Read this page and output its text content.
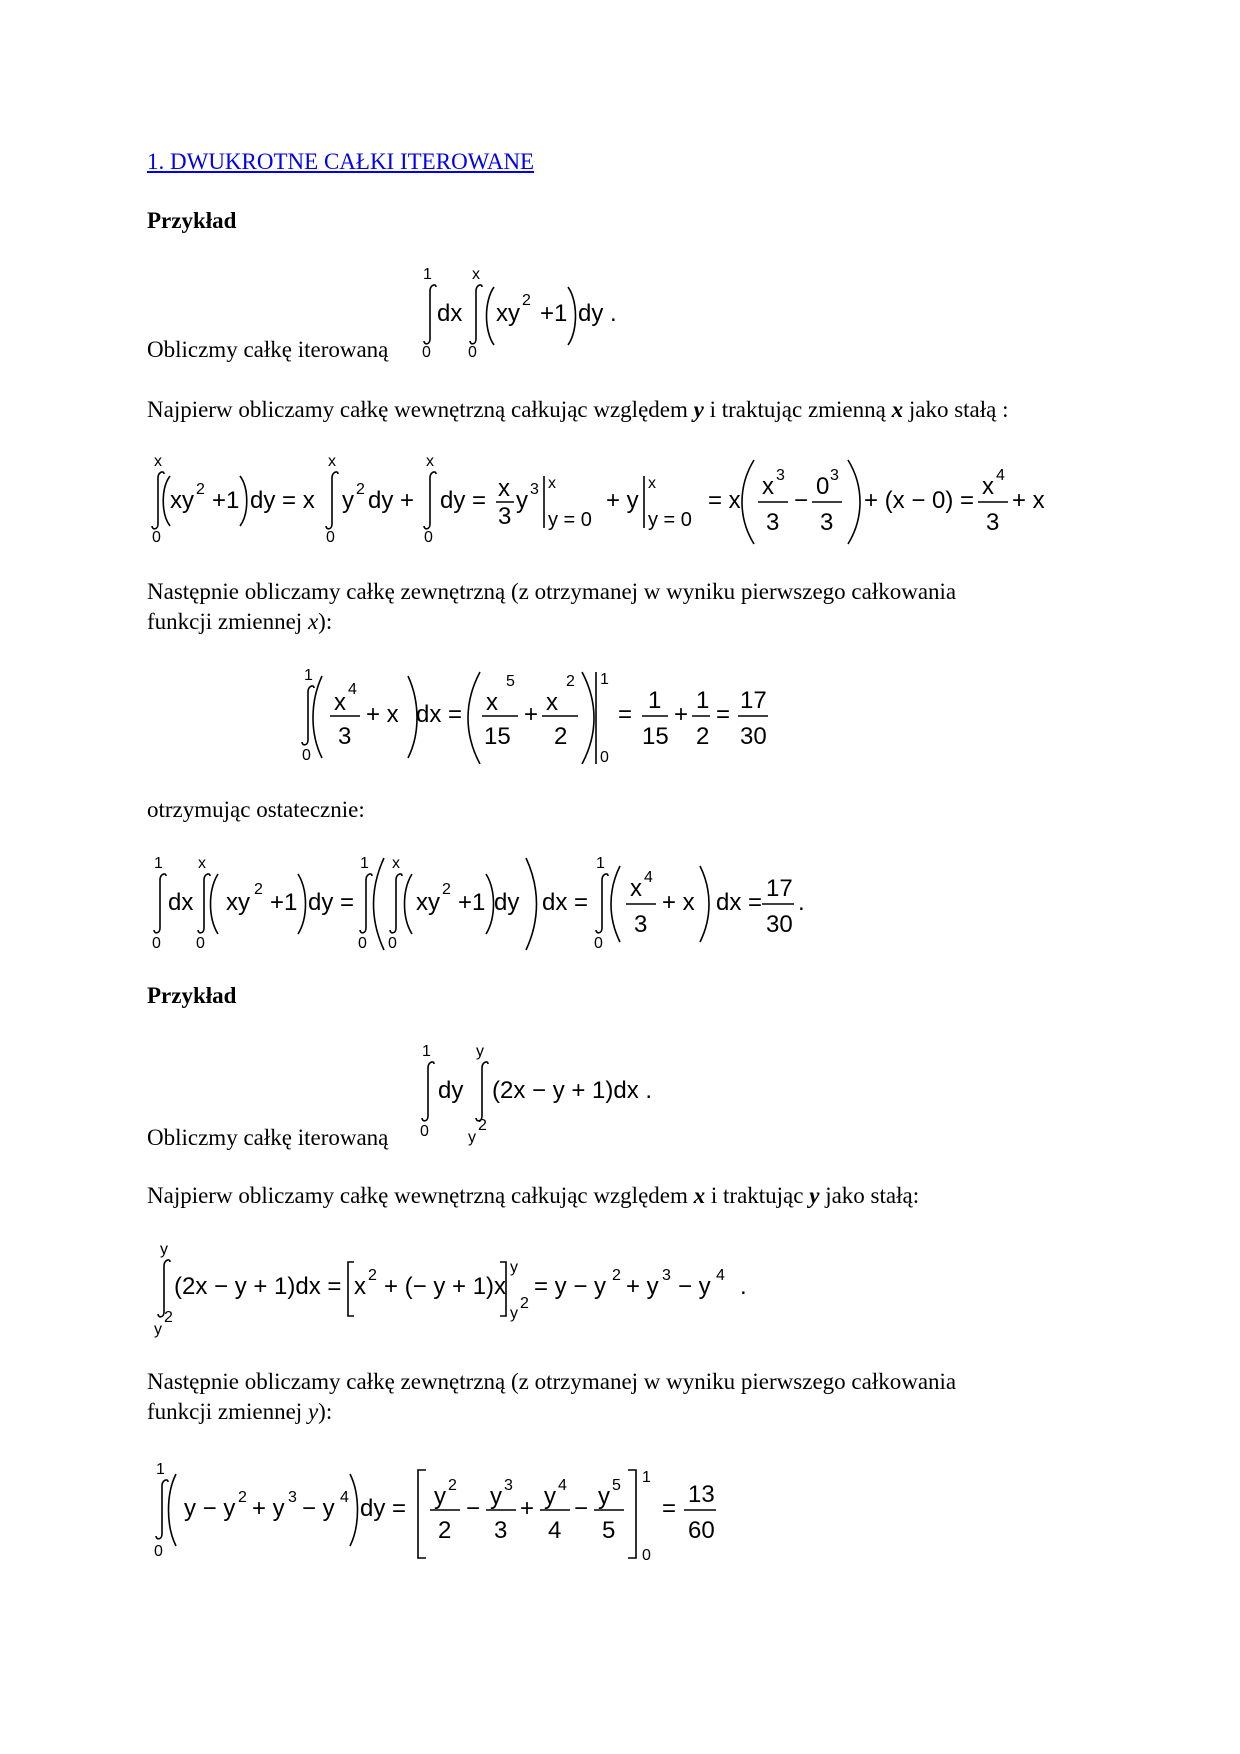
1. DWUKROTNE CAŁKI ITEROWANE
Przykład
Obliczmy całkę iterowaną
1
0
dx
x
0
xy 2 +1 dy .
Najpierw obliczamy całkę wewnętrzną całkując względem y i traktując zmienną x jako stałą :
x
0
xy 2 +1 dy = x
x
0
y 2 dy +
x
0
dy = x
3
y 3 x
y = 0
+ y
x
y = 0
= x
x 3
3
−
0 3
3
+ (x − 0) =
x 4
3
+ x
Następnie obliczamy całkę zewnętrzną (z otrzymanej w wyniku pierwszego całkowania
funkcji zmiennej x):
1
0
x 4
3
+ x dx = x
5
15
+ x
2
2
1
0
=
1
15
+
1
2
=
17
30
otrzymując ostatecznie:
1
0
dx
x
0
xy 2 +1 dy =
1
0
x
0
xy 2 +1 dy dx =
1
0
x 4
3
+ x dx =
17
30
.
Przykład
Obliczmy całkę iterowaną
1
0
dy
y
y
2
(2x − y + 1)dx .
Najpierw obliczamy całkę wewnętrzną całkując względem x i traktując y jako stałą:
y
y
2
(2x − y + 1)dx = x 2 + (− y + 1)x
y
y
2
= y − y 2 + y 3 − y 4 .
Następnie obliczamy całkę zewnętrzną (z otrzymanej w wyniku pierwszego całkowania
funkcji zmiennej y):
1
0
y − y 2 + y 3 − y 4 dy = y 2
2
− y 3
3
+ y 4
4
− y 5
5
1
0
=
13
60
